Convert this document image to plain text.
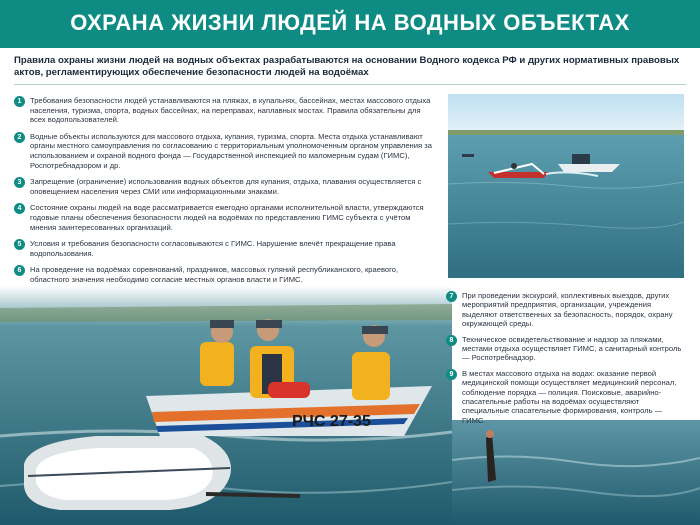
ОХРАНА ЖИЗНИ ЛЮДЕЙ НА ВОДНЫХ ОБЪЕКТАХ
Правила охраны жизни людей на водных объектах разрабатываются на основании Водного кодекса РФ и других нормативных правовых актов, регламентирующих обеспечение безопасности людей на водоёмах
1	Требования безопасности людей устанавливаются на пляжах, в купальнях, бассейнах, местах массового отдыха населения, туризма, спорта, водных бассейнах, на переправах, наплавных мостах. Правила обязательны для всех водопользователей.
2	Водные объекты используются для массового отдыха, купания, туризма, спорта. Места отдыха устанавливают органы местного самоуправления по согласованию с территориальным уполномоченным органом управления за использованием и охраной водного фонда — Государственной инспекцией по маломерным судам (ГИМС), Роспотребнадзором и др.
3	Запрещение (ограничение) использования водных объектов для купания, отдыха, плавания осуществляется с оповещением населения через СМИ или информационными знаками.
4	Состояние охраны людей на воде рассматривается ежегодно органами исполнительной власти, утверждаются годовые планы обеспечения безопасности людей на водоёмах по представлению ГИМС субъекта с учётом мнения заинтересованных организаций.
5	Условия и требования безопасности согласовываются с ГИМС. Нарушение влечёт прекращение права водопользования.
6	На проведение на водоёмах соревнований, праздников, массовых гуляний республиканского, краевого, областного значения необходимо согласие местных органов власти и ГИМС.
РЧС 27-35
7	При проведении экскурсий, коллективных выездов, других мероприятий предприятия, организации, учреждения выделяют ответственных за безопасность, порядок, охрану окружающей среды.
8	Техническое освидетельствование и надзор за пляжами, местами отдыха осуществляет ГИМС, а санитарный контроль — Роспотребнадзор.
9	В местах массового отдыха на водах: оказание первой медицинской помощи осуществляет медицинский персонал, соблюдение порядка — полиция. Поисковые, аварийно-спасательные работы на водоёмах осуществляют специальные спасательные формирования, контроль — ГИМС.
